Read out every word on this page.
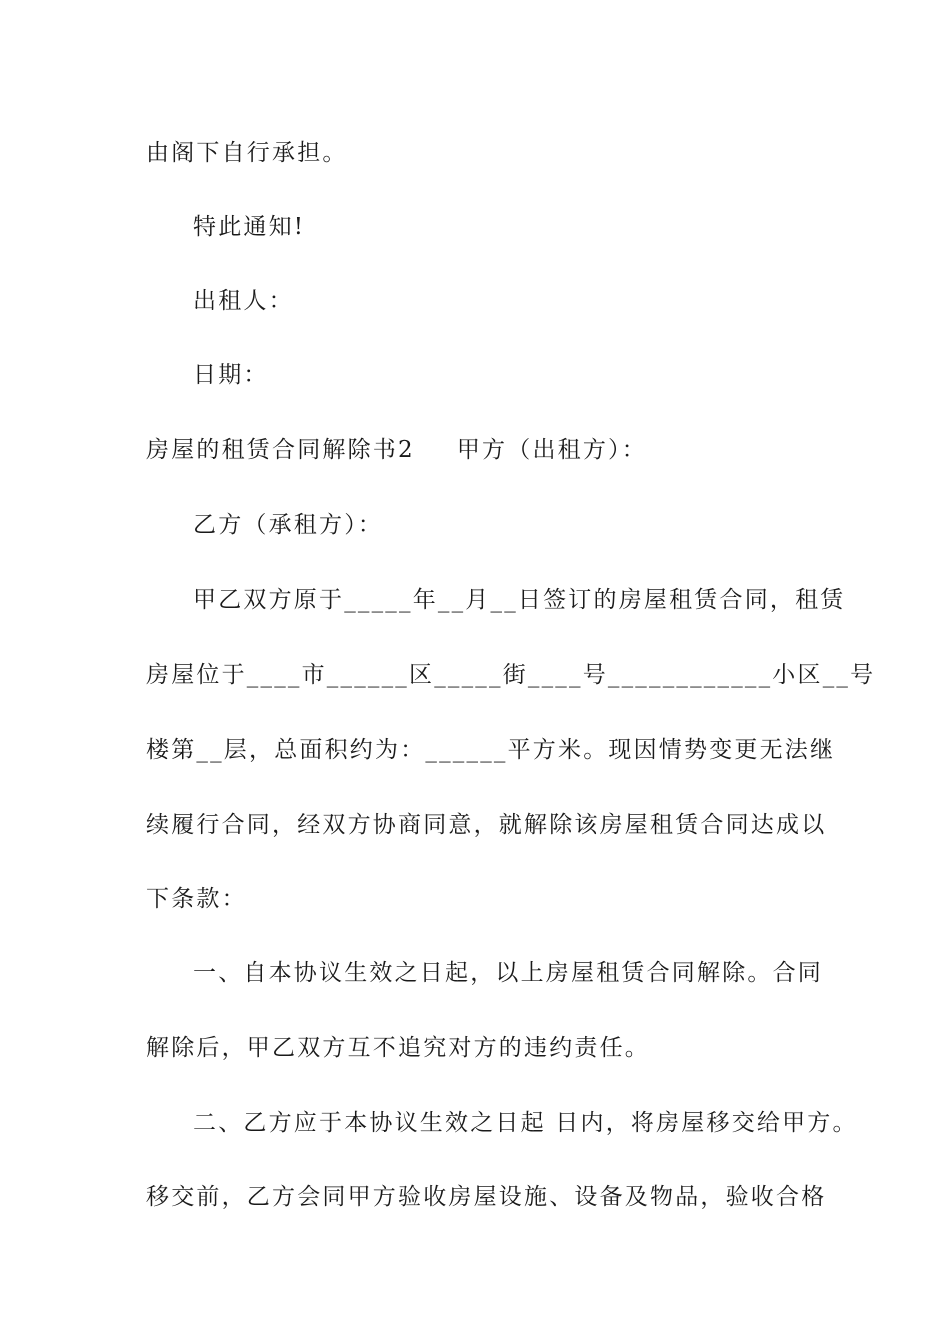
由阁下自行承担。
特此通知!
出租人：
日期：
房屋的租赁合同解除书2 甲方（出租方）：
乙方（承租方）：
甲乙双方原于_____年__月__日签订的房屋租赁合同，租赁
房屋位于____市______区_____街____号____________小区__号
楼第__层，总面积约为：______平方米。现因情势变更无法继
续履行合同，经双方协商同意，就解除该房屋租赁合同达成以
下条款：
一、自本协议生效之日起，以上房屋租赁合同解除。合同
解除后，甲乙双方互不追究对方的违约责任。
二、乙方应于本协议生效之日起 日内，将房屋移交给甲方。
移交前，乙方会同甲方验收房屋设施、设备及物品，验收合格
